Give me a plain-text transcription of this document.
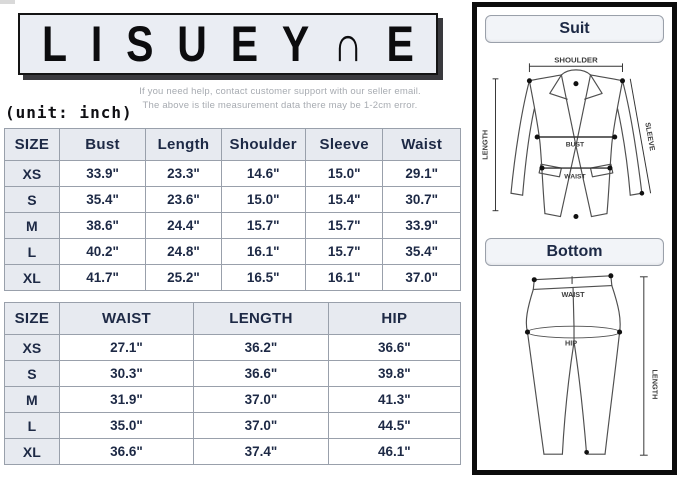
L I S U E Y ∩ E
If you need help, contact customer support with our seller email.
The above is tile measurement data there may be 1-2cm error.
(unit: inch)
SIZE	Bust	Length	Shoulder	Sleeve	Waist
XS	33.9"	23.3"	14.6"	15.0"	29.1"
S	35.4"	23.6"	15.0"	15.4"	30.7"
M	38.6"	24.4"	15.7"	15.7"	33.9"
L	40.2"	24.8"	16.1"	15.7"	35.4"
XL	41.7"	25.2"	16.5"	16.1"	37.0"
SIZE	WAIST	LENGTH	HIP
XS	27.1"	36.2"	36.6"
S	30.3"	36.6"	39.8"
M	31.9"	37.0"	41.3"
L	35.0"	37.0"	44.5"
XL	36.6"	37.4"	46.1"
Suit
SHOULDER
LENGTH	SLEEVE
BUST
WAIST
Bottom
WAIST
HIP
LENGTH
